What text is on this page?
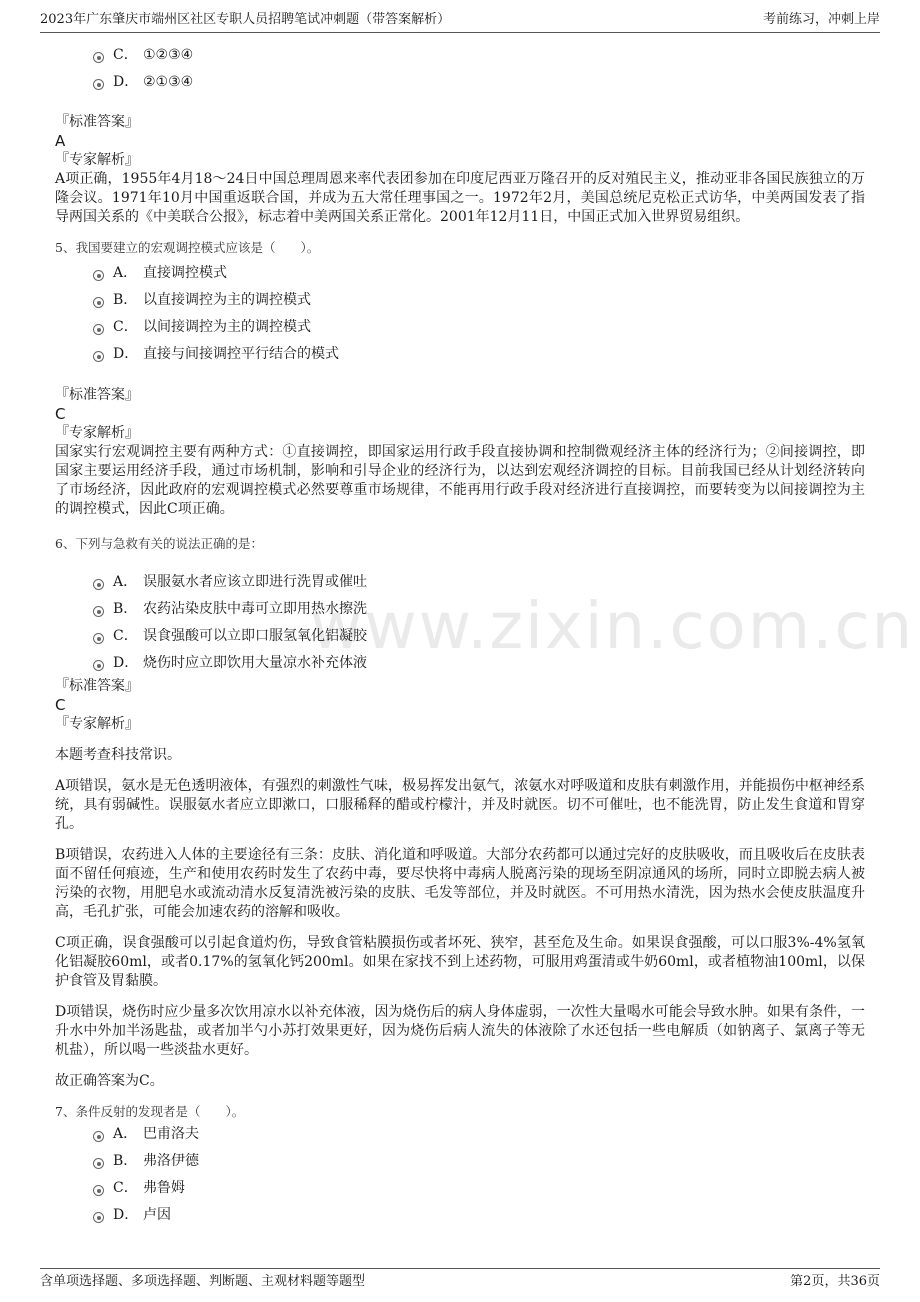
2023年广东肇庆市端州区社区专职人员招聘笔试冲刺题（带答案解析）	考前练习，冲刺上岸
www.zixin.com.cn
C． ①②③④
D． ②①③④
『标准答案』
A
『专家解析』

A项正确，1955年4月18～24日中国总理周恩来率代表团参加在印度尼西亚万隆召开的反对殖民主义，推动亚非各国民族独立的万隆会议。1971年10月中国重返联合国，并成为五大常任理事国之一。1972年2月，美国总统尼克松正式访华，中美两国发表了指导两国关系的《中美联合公报》，标志着中美两国关系正常化。2001年12月11日，中国正式加入世界贸易组织。

5、我国要建立的宏观调控模式应该是（　　）。
A． 直接调控模式
B． 以直接调控为主的调控模式
C． 以间接调控为主的调控模式
D． 直接与间接调控平行结合的模式
『标准答案』
C
『专家解析』

国家实行宏观调控主要有两种方式：①直接调控，即国家运用行政手段直接协调和控制微观经济主体的经济行为；②间接调控，即国家主要运用经济手段，通过市场机制，影响和引导企业的经济行为，以达到宏观经济调控的目标。目前我国已经从计划经济转向了市场经济，因此政府的宏观调控模式必然要尊重市场规律，不能再用行政手段对经济进行直接调控，而要转变为以间接调控为主的调控模式，因此C项正确。

6、下列与急救有关的说法正确的是：
A． 误服氨水者应该立即进行洗胃或催吐
B． 农药沾染皮肤中毒可立即用热水擦洗
C． 误食强酸可以立即口服氢氧化铝凝胶
D． 烧伤时应立即饮用大量凉水补充体液
『标准答案』
C
『专家解析』

本题考查科技常识。

A项错误，氨水是无色透明液体，有强烈的刺激性气味，极易挥发出氨气，浓氨水对呼吸道和皮肤有刺激作用，并能损伤中枢神经系统，具有弱碱性。误服氨水者应立即漱口，口服稀释的醋或柠檬汁，并及时就医。切不可催吐，也不能洗胃，防止发生食道和胃穿孔。

B项错误，农药进入人体的主要途径有三条：皮肤、消化道和呼吸道。大部分农药都可以通过完好的皮肤吸收，而且吸收后在皮肤表面不留任何痕迹，生产和使用农药时发生了农药中毒，要尽快将中毒病人脱离污染的现场至阴凉通风的场所，同时立即脱去病人被污染的衣物，用肥皂水或流动清水反复清洗被污染的皮肤、毛发等部位，并及时就医。不可用热水清洗，因为热水会使皮肤温度升高，毛孔扩张，可能会加速农药的溶解和吸收。

C项正确，误食强酸可以引起食道灼伤，导致食管粘膜损伤或者坏死、狭窄，甚至危及生命。如果误食强酸，可以口服3%-4%氢氧化铝凝胶60ml，或者0.17%的氢氧化钙200ml。如果在家找不到上述药物，可服用鸡蛋清或牛奶60ml，或者植物油100ml，以保护食管及胃黏膜。

D项错误，烧伤时应少量多次饮用凉水以补充体液，因为烧伤后的病人身体虚弱，一次性大量喝水可能会导致水肿。如果有条件，一升水中外加半汤匙盐，或者加半勺小苏打效果更好，因为烧伤后病人流失的体液除了水还包括一些电解质（如钠离子、氯离子等无机盐），所以喝一些淡盐水更好。

故正确答案为C。

7、条件反射的发现者是（　　）。
A． 巴甫洛夫
B． 弗洛伊德
C． 弗鲁姆
D． 卢因
含单项选择题、多项选择题、判断题、主观材料题等题型	第2页，共36页
